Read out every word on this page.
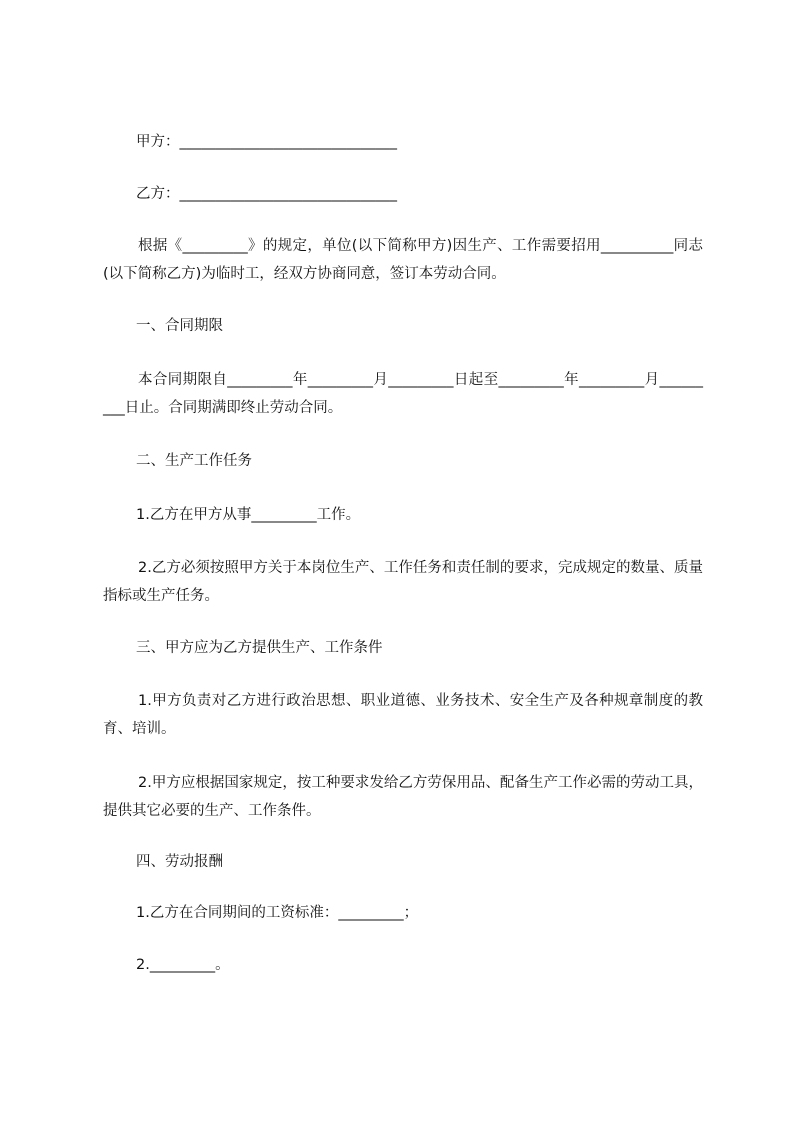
甲方：______________________________
乙方：______________________________
根据《_________》的规定，单位(以下简称甲方)因生产、工作需要招用__________同志(以下简称乙方)为临时工，经双方协商同意，签订本劳动合同。
一、合同期限
本合同期限自_________年_________月_________日起至_________年_________月_________日止。合同期满即终止劳动合同。
二、生产工作任务
1.乙方在甲方从事_________工作。
2.乙方必须按照甲方关于本岗位生产、工作任务和责任制的要求，完成规定的数量、质量指标或生产任务。
三、甲方应为乙方提供生产、工作条件
1.甲方负责对乙方进行政治思想、职业道德、业务技术、安全生产及各种规章制度的教育、培训。
2.甲方应根据国家规定，按工种要求发给乙方劳保用品、配备生产工作必需的劳动工具，提供其它必要的生产、工作条件。
四、劳动报酬
1.乙方在合同期间的工资标准：_________；
2._________。
